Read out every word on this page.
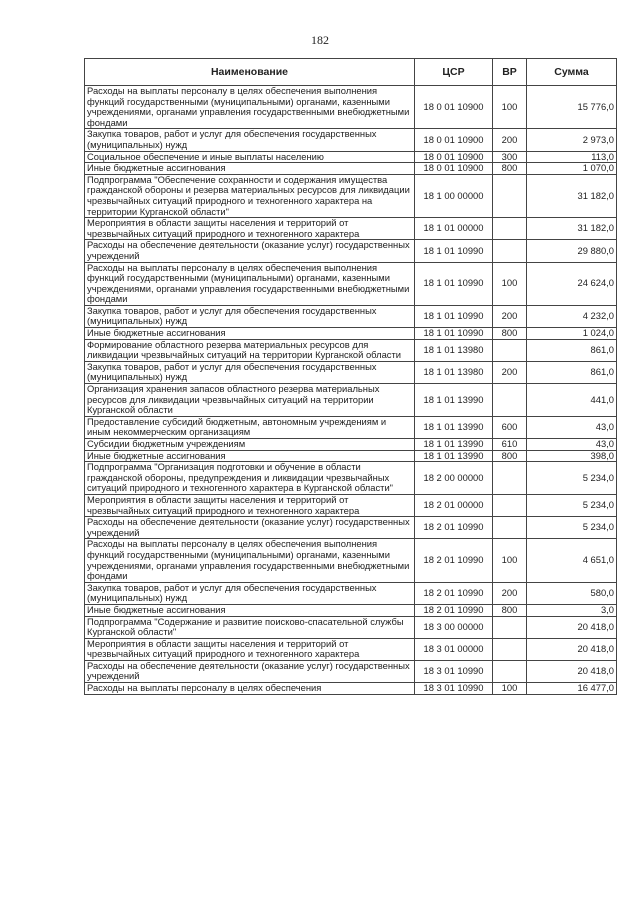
182
Наименование	ЦСР	ВР	Сумма
Расходы на выплаты персоналу в целях обеспечения выполнения функций государственными (муниципальными) органами, казенными учреждениями, органами управления государственными внебюджетными фондами	18 0 01 10900	100	15 776,0
Закупка товаров, работ и услуг для обеспечения государственных (муниципальных) нужд	18 0 01 10900	200	2 973,0
Социальное обеспечение и иные выплаты населению	18 0 01 10900	300	113,0
Иные бюджетные ассигнования	18 0 01 10900	800	1 070,0
Подпрограмма "Обеспечение сохранности и содержания имущества гражданской обороны и резерва материальных ресурсов для ликвидации чрезвычайных ситуаций природного и техногенного характера на территории Курганской области"	18 1 00 00000		31 182,0
Мероприятия в области защиты населения и территорий от чрезвычайных ситуаций природного и техногенного характера	18 1 01 00000		31 182,0
Расходы на обеспечение деятельности (оказание услуг) государственных учреждений	18 1 01 10990		29 880,0
Расходы на выплаты персоналу в целях обеспечения выполнения функций государственными (муниципальными) органами, казенными учреждениями, органами управления государственными внебюджетными фондами	18 1 01 10990	100	24 624,0
Закупка товаров, работ и услуг для обеспечения государственных (муниципальных) нужд	18 1 01 10990	200	4 232,0
Иные бюджетные ассигнования	18 1 01 10990	800	1 024,0
Формирование областного резерва материальных ресурсов для ликвидации чрезвычайных ситуаций на территории Курганской области	18 1 01 13980		861,0
Закупка товаров, работ и услуг для обеспечения государственных (муниципальных) нужд	18 1 01 13980	200	861,0
Организация хранения запасов областного резерва материальных ресурсов для ликвидации чрезвычайных ситуаций на территории Курганской области	18 1 01 13990		441,0
Предоставление субсидий бюджетным, автономным учреждениям и иным некоммерческим организациям	18 1 01 13990	600	43,0
Субсидии бюджетным учреждениям	18 1 01 13990	610	43,0
Иные бюджетные ассигнования	18 1 01 13990	800	398,0
Подпрограмма "Организация подготовки и обучение в области гражданской обороны, предупреждения и ликвидации чрезвычайных ситуаций природного и техногенного характера в Курганской области"	18 2 00 00000		5 234,0
Мероприятия в области защиты населения и территорий от чрезвычайных ситуаций природного и техногенного характера	18 2 01 00000		5 234,0
Расходы на обеспечение деятельности (оказание услуг) государственных учреждений	18 2 01 10990		5 234,0
Расходы на выплаты персоналу в целях обеспечения выполнения функций государственными (муниципальными) органами, казенными учреждениями, органами управления государственными внебюджетными фондами	18 2 01 10990	100	4 651,0
Закупка товаров, работ и услуг для обеспечения государственных (муниципальных) нужд	18 2 01 10990	200	580,0
Иные бюджетные ассигнования	18 2 01 10990	800	3,0
Подпрограмма "Содержание и развитие поисково-спасательной службы Курганской области"	18 3 00 00000		20 418,0
Мероприятия в области защиты населения и территорий от чрезвычайных ситуаций природного и техногенного характера	18 3 01 00000		20 418,0
Расходы на обеспечение деятельности (оказание услуг) государственных учреждений	18 3 01 10990		20 418,0
Расходы на выплаты персоналу в целях обеспечения	18 3 01 10990	100	16 477,0
